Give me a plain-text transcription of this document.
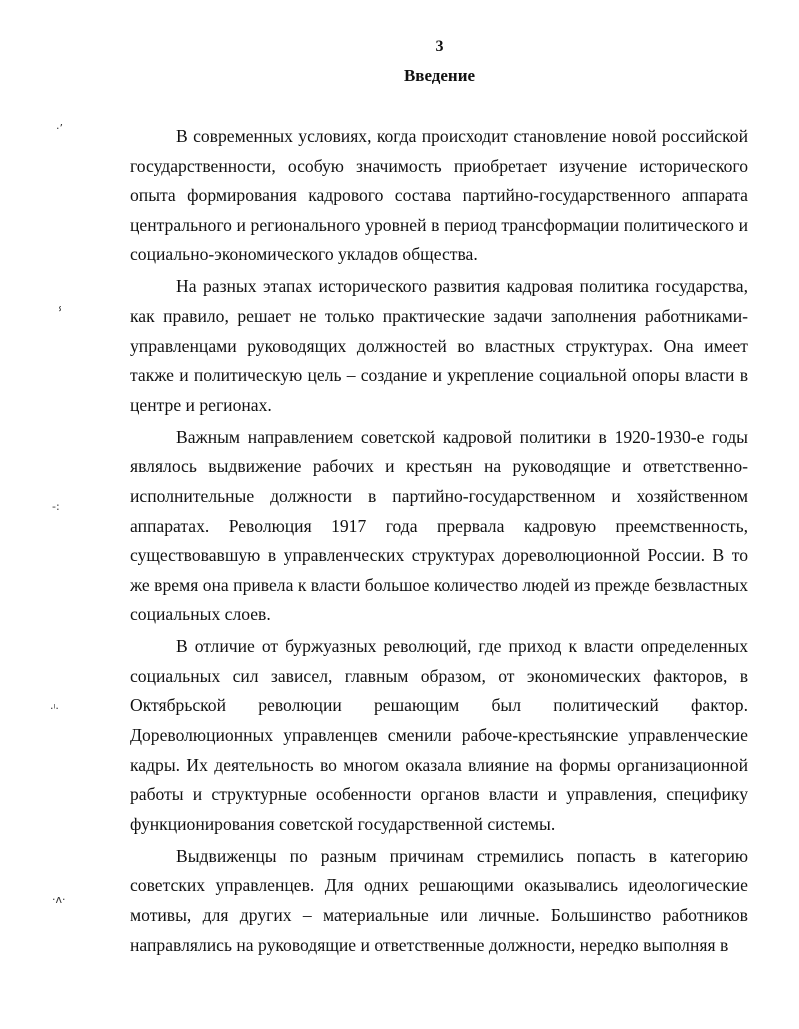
3
Введение

В современных условиях, когда происходит становление новой российской государственности, особую значимость приобретает изучение исторического опыта формирования кадрового состава партийно-государственного аппарата центрального и регионального уровней в период трансформации политического и социально-экономического укладов общества.

На разных этапах исторического развития кадровая политика государства, как правило, решает не только практические задачи заполнения работниками-управленцами руководящих должностей во властных структурах. Она имеет также и политическую цель – создание и укрепление социальной опоры власти в центре и регионах.

Важным направлением советской кадровой политики в 1920-1930-е годы являлось выдвижение рабочих и крестьян на руководящие и ответственно-исполнительные должности в партийно-государственном и хозяйственном аппаратах. Революция 1917 года прервала кадровую преемственность, существовавшую в управленческих структурах дореволюционной России. В то же время она привела к власти большое количество людей из прежде безвластных социальных слоев.

В отличие от буржуазных революций, где приход к власти определенных социальных сил зависел, главным образом, от экономических факторов, в Октябрьской революции решающим был политический фактор. Дореволюционных управленцев сменили рабоче-крестьянские управленческие кадры. Их деятельность во многом оказала влияние на формы организационной работы и структурные особенности органов власти и управления, специфику функционирования советской государственной системы.

Выдвиженцы по разным причинам стремились попасть в категорию советских управленцев. Для одних решающими оказывались идеологические мотивы, для других – материальные или личные. Большинство работников направлялись на руководящие и ответственные должности, нередко выполняя в

·ʼ
ⸯ
-:
·ˡ·
·ʌ·
